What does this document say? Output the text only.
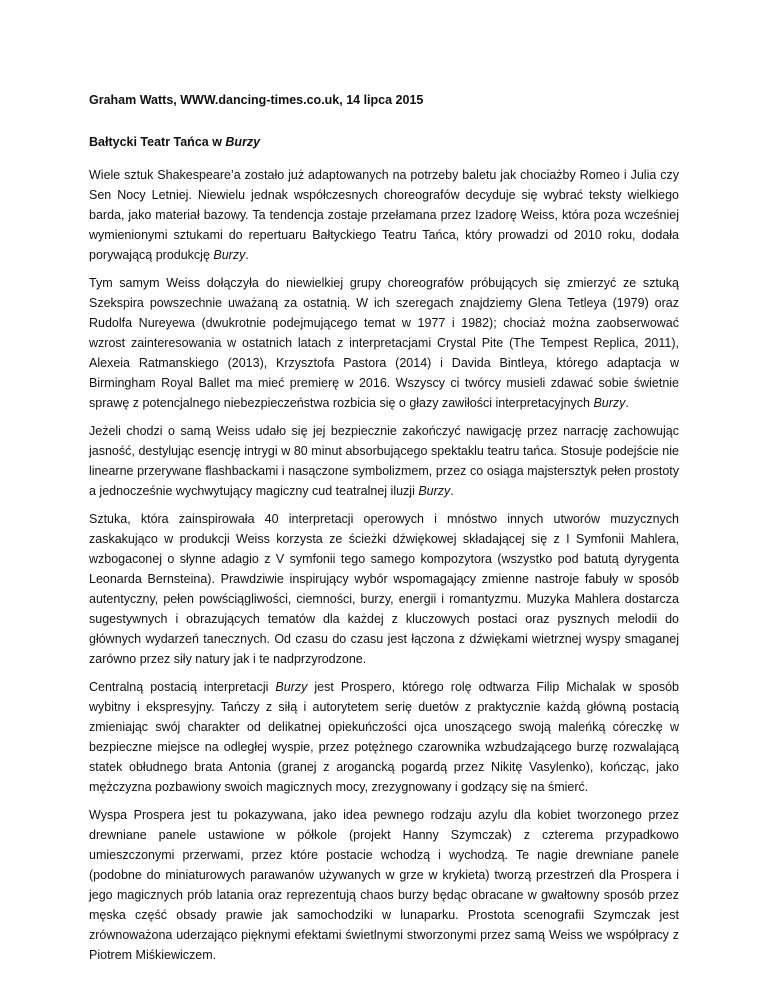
Graham Watts, WWW.dancing-times.co.uk, 14 lipca 2015

Bałtycki Teatr Tańca w Burzy

Wiele sztuk Shakespeare’a zostało już adaptowanych na potrzeby baletu jak chociażby Romeo i Julia czy Sen Nocy Letniej. Niewielu jednak współczesnych choreografów decyduje się wybrać teksty wielkiego barda, jako materiał bazowy. Ta tendencja zostaje przełamana przez Izadorę Weiss, która poza wcześniej wymienionymi sztukami do repertuaru Bałtyckiego Teatru Tańca, który prowadzi od 2010 roku, dodała porywającą produkcję Burzy.

Tym samym Weiss dołączyła do niewielkiej grupy choreografów próbujących się zmierzyć ze sztuką Szekspira powszechnie uważaną za ostatnią. W ich szeregach znajdziemy Glena Tetleya (1979) oraz Rudolfa Nureyewa (dwukrotnie podejmującego temat w 1977 i 1982); chociaż można zaobserwować wzrost zainteresowania w ostatnich latach z interpretacjami Crystal Pite (The Tempest Replica, 2011), Alexeia Ratmanskiego (2013), Krzysztofa Pastora (2014) i Davida Bintleya, którego adaptacja w Birmingham Royal Ballet ma mieć premierę w 2016. Wszyscy ci twórcy musieli zdawać sobie świetnie sprawę z potencjalnego niebezpieczeństwa rozbicia się o głazy zawiłości interpretacyjnych Burzy.

Jeżeli chodzi o samą Weiss udało się jej bezpiecznie zakończyć nawigację przez narrację zachowując jasność, destylując esencję intrygi w 80 minut absorbującego spektaklu teatru tańca. Stosuje podejście nie linearne przerywane flashbackami i nasączone symbolizmem, przez co osiąga majstersztyk pełen prostoty a jednocześnie wychwytujący magiczny cud teatralnej iluzji Burzy.

Sztuka, która zainspirowała 40 interpretacji operowych i mnóstwo innych utworów muzycznych zaskakująco w produkcji Weiss korzysta ze ścieżki dźwiękowej składającej się z I Symfonii Mahlera, wzbogaconej o słynne adagio z V symfonii tego samego kompozytora (wszystko pod batutą dyrygenta Leonarda Bernsteina). Prawdziwie inspirujący wybór wspomagający zmienne nastroje fabuły w sposób autentyczny, pełen powściągliwości, ciemności, burzy, energii i romantyzmu. Muzyka Mahlera dostarcza sugestywnych i obrazujących tematów dla każdej z kluczowych postaci oraz pysznych melodii do głównych wydarzeń tanecznych. Od czasu do czasu jest łączona z dźwiękami wietrznej wyspy smaganej zarówno przez siły natury jak i te nadprzyrodzone.

Centralną postacią interpretacji Burzy jest Prospero, którego rolę odtwarza Filip Michalak w sposób wybitny i ekspresyjny. Tańczy z siłą i autorytetem serię duetów z praktycznie każdą główną postacią zmieniając swój charakter od delikatnej opiekuńczości ojca unoszącego swoją maleńką córeczkę w bezpieczne miejsce na odległej wyspie, przez potężnego czarownika wzbudzającego burzę rozwalającą statek obłudnego brata Antonia (granej z arogancką pogardą przez Nikitę Vasylenko), kończąc, jako mężczyzna pozbawiony swoich magicznych mocy, zrezygnowany i godzący się na śmierć.

Wyspa Prospera jest tu pokazywana, jako idea pewnego rodzaju azylu dla kobiet tworzonego przez drewniane panele ustawione w półkole (projekt Hanny Szymczak) z czterema przypadkowo umieszczonymi przerwami, przez które postacie wchodzą i wychodzą. Te nagie drewniane panele (podobne do miniaturowych parawanów używanych w grze w krykieta) tworzą przestrzeń dla Prospera i jego magicznych prób latania oraz reprezentują chaos burzy będąc obracane w gwałtowny sposób przez męska część obsady prawie jak samochodziki w lunaparku. Prostota scenografii Szymczak jest zrównoważona uderzająco pięknymi efektami świetlnymi stworzonymi przez samą Weiss we współpracy z Piotrem Miśkiewiczem.
